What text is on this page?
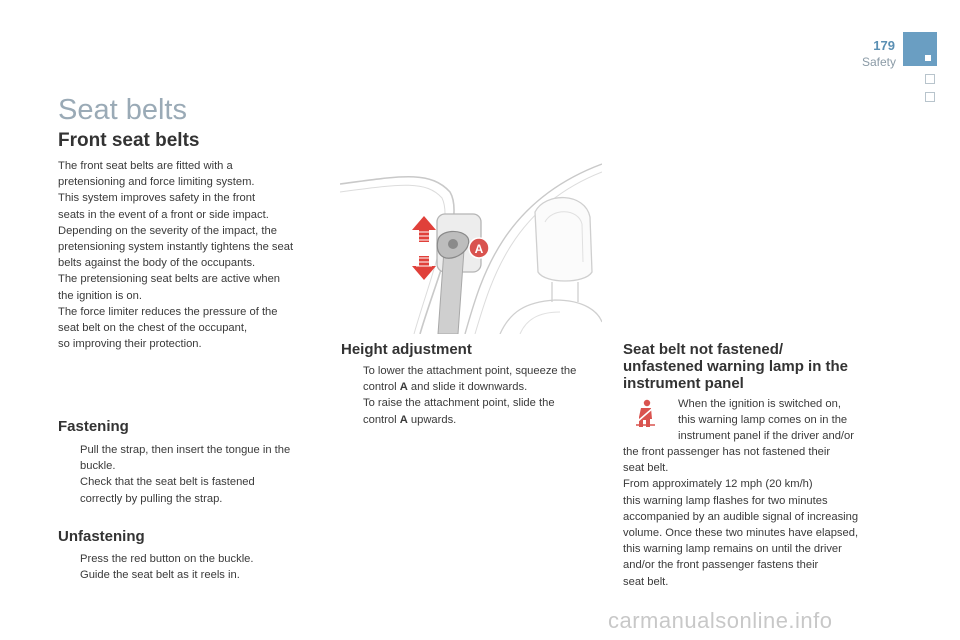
179
Safety
Seat belts
Front seat belts
The front seat belts are fitted with a
pretensioning and force limiting system.
This system improves safety in the front
seats in the event of a front or side impact.
Depending on the severity of the impact, the
pretensioning system instantly tightens the seat
belts against the body of the occupants.
The pretensioning seat belts are active when
the ignition is on.
The force limiter reduces the pressure of the
seat belt on the chest of the occupant,
so improving their protection.
Fastening
Pull the strap, then insert the tongue in the
buckle.
Check that the seat belt is fastened
correctly by pulling the strap.
Unfastening
Press the red button on the buckle.
Guide the seat belt as it reels in.
A
Height adjustment
To lower the attachment point, squeeze the
control A and slide it downwards.
To raise the attachment point, slide the
control A upwards.
Seat belt not fastened/
unfastened warning lamp in the
instrument panel
When the ignition is switched on,
this warning lamp comes on in the
instrument panel if the driver and/or
the front passenger has not fastened their
seat belt.
From approximately 12 mph (20 km/h)
this warning lamp flashes for two minutes
accompanied by an audible signal of increasing
volume. Once these two minutes have elapsed,
this warning lamp remains on until the driver
and/or the front passenger fastens their
seat belt.
carmanualsonline.info
